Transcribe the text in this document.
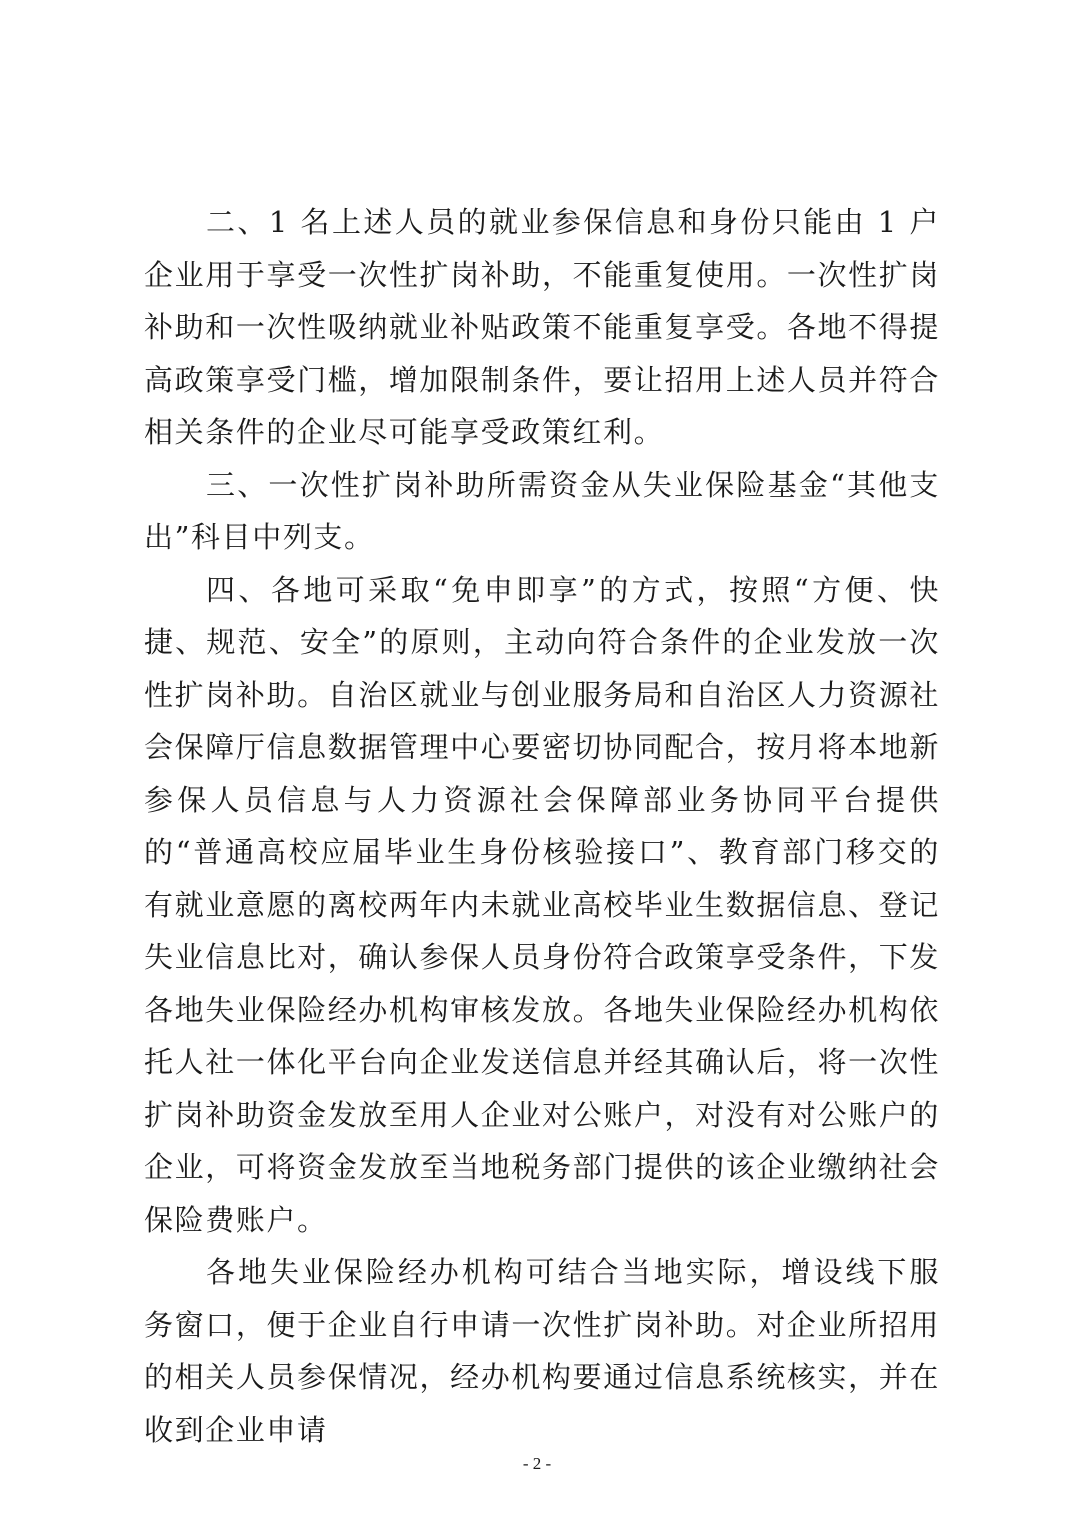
二、1 名上述人员的就业参保信息和身份只能由 1 户企业用于享受一次性扩岗补助，不能重复使用。一次性扩岗补助和一次性吸纳就业补贴政策不能重复享受。各地不得提高政策享受门槛，增加限制条件，要让招用上述人员并符合相关条件的企业尽可能享受政策红利。

三、一次性扩岗补助所需资金从失业保险基金“其他支出”科目中列支。

四、各地可采取“免申即享”的方式，按照“方便、快捷、规范、安全”的原则，主动向符合条件的企业发放一次性扩岗补助。自治区就业与创业服务局和自治区人力资源社会保障厅信息数据管理中心要密切协同配合，按月将本地新参保人员信息与人力资源社会保障部业务协同平台提供的“普通高校应届毕业生身份核验接口”、教育部门移交的有就业意愿的离校两年内未就业高校毕业生数据信息、登记失业信息比对，确认参保人员身份符合政策享受条件，下发各地失业保险经办机构审核发放。各地失业保险经办机构依托人社一体化平台向企业发送信息并经其确认后，将一次性扩岗补助资金发放至用人企业对公账户，对没有对公账户的企业，可将资金发放至当地税务部门提供的该企业缴纳社会保险费账户。

各地失业保险经办机构可结合当地实际，增设线下服务窗口，便于企业自行申请一次性扩岗补助。对企业所招用的相关人员参保情况，经办机构要通过信息系统核实，并在收到企业申请

- 2 -
